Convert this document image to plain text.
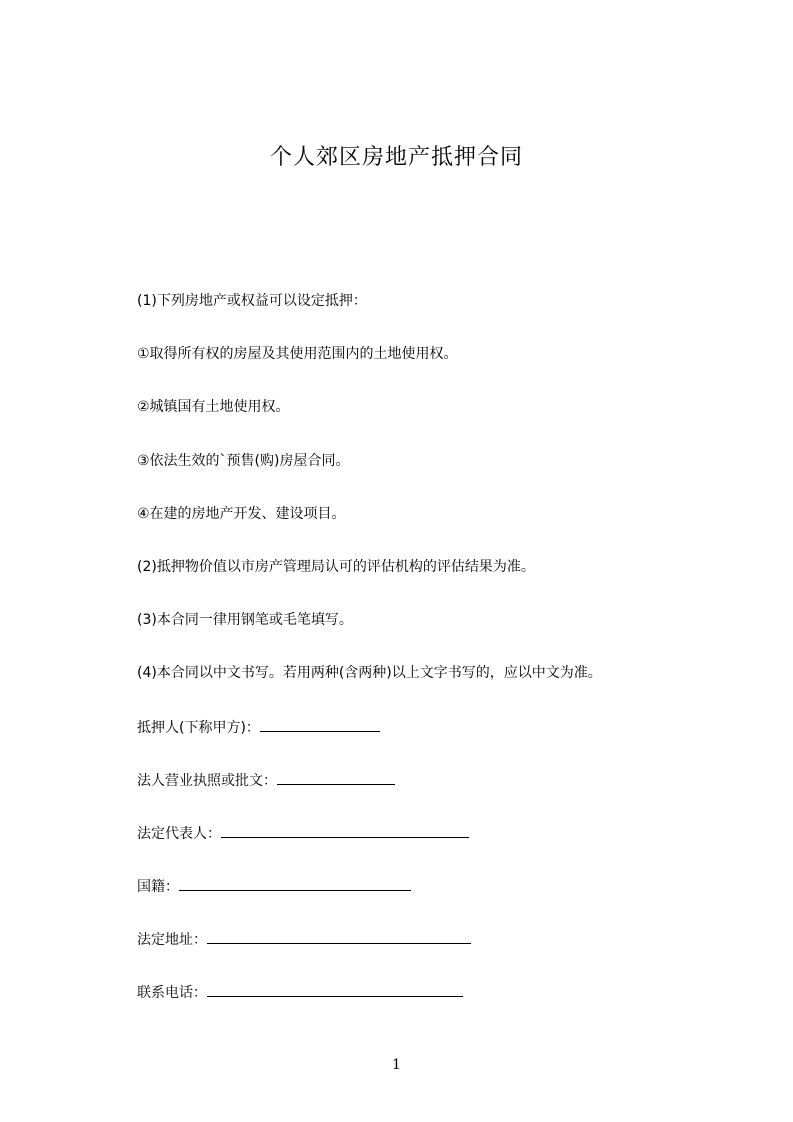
个人郊区房地产抵押合同
(1)下列房地产或权益可以设定抵押：
①取得所有权的房屋及其使用范围内的土地使用权。
②城镇国有土地使用权。
③依法生效的`预售(购)房屋合同。
④在建的房地产开发、建设项目。
(2)抵押物价值以市房产管理局认可的评估机构的评估结果为准。
(3)本合同一律用钢笔或毛笔填写。
(4)本合同以中文书写。若用两种(含两种)以上文字书写的，应以中文为准。
抵押人(下称甲方)：
法人营业执照或批文：
法定代表人：
国籍：
法定地址：
联系电话：
1
